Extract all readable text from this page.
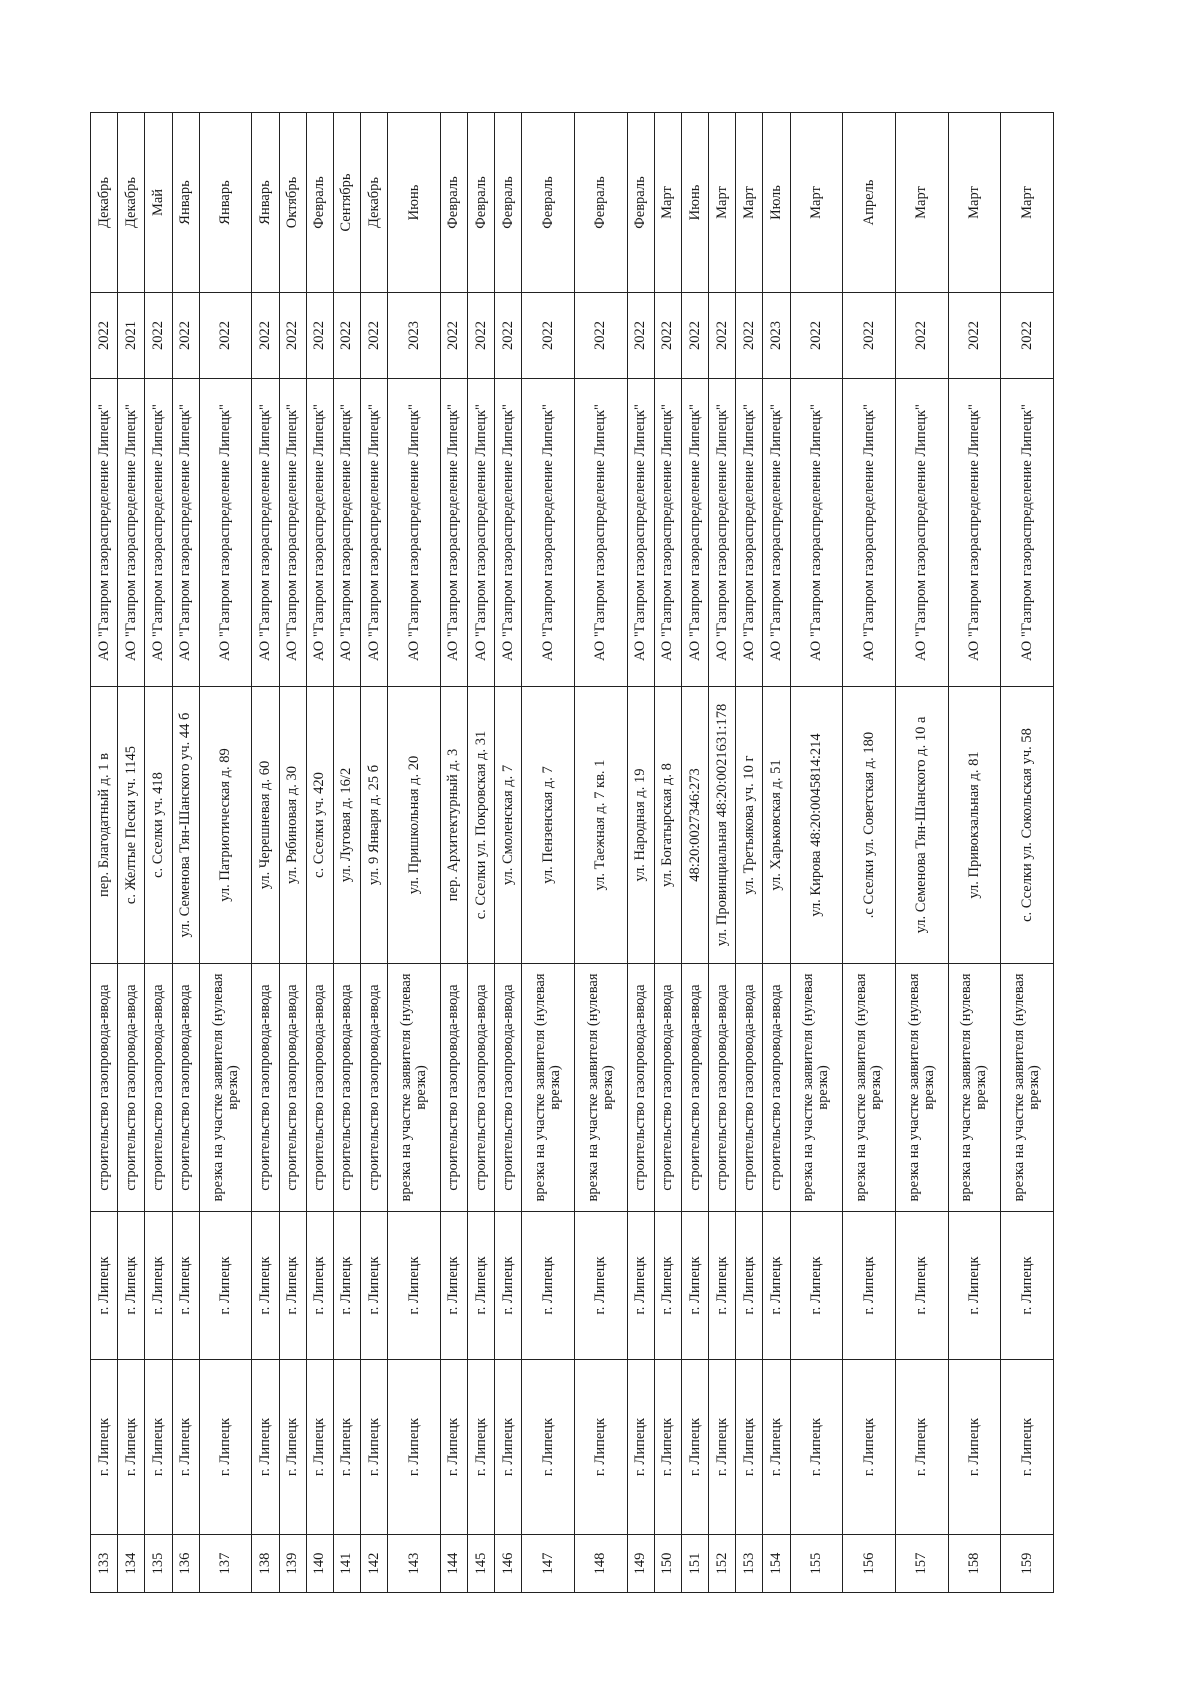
133	г. Липецк	г. Липецк	строительство газопровода-ввода	пер. Благодатный д. 1 в	АО "Газпром газораспределение Липецк"	2022	Декабрь
134	г. Липецк	г. Липецк	строительство газопровода-ввода	с. Желтые Пески уч. 1145	АО "Газпром газораспределение Липецк"	2021	Декабрь
135	г. Липецк	г. Липецк	строительство газопровода-ввода	с. Сселки уч. 418	АО "Газпром газораспределение Липецк"	2022	Май
136	г. Липецк	г. Липецк	строительство газопровода-ввода	ул. Семенова Тян-Шанского уч. 44 б	АО "Газпром газораспределение Липецк"	2022	Январь
137	г. Липецк	г. Липецк	врезка на участке заявителя (нулевая врезка)	ул. Патриотическая д. 89	АО "Газпром газораспределение Липецк"	2022	Январь
138	г. Липецк	г. Липецк	строительство газопровода-ввода	ул. Черешневая д. 60	АО "Газпром газораспределение Липецк"	2022	Январь
139	г. Липецк	г. Липецк	строительство газопровода-ввода	ул. Рябиновая д. 30	АО "Газпром газораспределение Липецк"	2022	Октябрь
140	г. Липецк	г. Липецк	строительство газопровода-ввода	с. Сселки уч. 420	АО "Газпром газораспределение Липецк"	2022	Февраль
141	г. Липецк	г. Липецк	строительство газопровода-ввода	ул. Луговая д. 16/2	АО "Газпром газораспределение Липецк"	2022	Сентябрь
142	г. Липецк	г. Липецк	строительство газопровода-ввода	ул. 9 Января д. 25 б	АО "Газпром газораспределение Липецк"	2022	Декабрь
143	г. Липецк	г. Липецк	врезка на участке заявителя (нулевая врезка)	ул. Пришкольная д. 20	АО "Газпром газораспределение Липецк"	2023	Июнь
144	г. Липецк	г. Липецк	строительство газопровода-ввода	пер. Архитектурный д. 3	АО "Газпром газораспределение Липецк"	2022	Февраль
145	г. Липецк	г. Липецк	строительство газопровода-ввода	с. Сселки ул. Покровская д. 31	АО "Газпром газораспределение Липецк"	2022	Февраль
146	г. Липецк	г. Липецк	строительство газопровода-ввода	ул. Смоленская д. 7	АО "Газпром газораспределение Липецк"	2022	Февраль
147	г. Липецк	г. Липецк	врезка на участке заявителя (нулевая врезка)	ул. Пензенская д. 7	АО "Газпром газораспределение Липецк"	2022	Февраль
148	г. Липецк	г. Липецк	врезка на участке заявителя (нулевая врезка)	ул. Таежная д. 7 кв. 1	АО "Газпром газораспределение Липецк"	2022	Февраль
149	г. Липецк	г. Липецк	строительство газопровода-ввода	ул. Народная д. 19	АО "Газпром газораспределение Липецк"	2022	Февраль
150	г. Липецк	г. Липецк	строительство газопровода-ввода	ул. Богатырская д. 8	АО "Газпром газораспределение Липецк"	2022	Март
151	г. Липецк	г. Липецк	строительство газопровода-ввода	48:20:0027346:273	АО "Газпром газораспределение Липецк"	2022	Июнь
152	г. Липецк	г. Липецк	строительство газопровода-ввода	ул. Провинциальная 48:20:0021631:178	АО "Газпром газораспределение Липецк"	2022	Март
153	г. Липецк	г. Липецк	строительство газопровода-ввода	ул. Третьякова уч. 10 г	АО "Газпром газораспределение Липецк"	2022	Март
154	г. Липецк	г. Липецк	строительство газопровода-ввода	ул. Харьковская д. 51	АО "Газпром газораспределение Липецк"	2023	Июль
155	г. Липецк	г. Липецк	врезка на участке заявителя (нулевая врезка)	ул. Кирова 48:20:0045814:214	АО "Газпром газораспределение Липецк"	2022	Март
156	г. Липецк	г. Липецк	врезка на участке заявителя (нулевая врезка)	.с Сселки ул. Советская д. 180	АО "Газпром газораспределение Липецк"	2022	Апрель
157	г. Липецк	г. Липецк	врезка на участке заявителя (нулевая врезка)	ул. Семенова Тян-Шанского д. 10 а	АО "Газпром газораспределение Липецк"	2022	Март
158	г. Липецк	г. Липецк	врезка на участке заявителя (нулевая врезка)	ул. Привокзальная д. 81	АО "Газпром газораспределение Липецк"	2022	Март
159	г. Липецк	г. Липецк	врезка на участке заявителя (нулевая врезка)	с. Сселки ул. Сокольская уч. 58	АО "Газпром газораспределение Липецк"	2022	Март
